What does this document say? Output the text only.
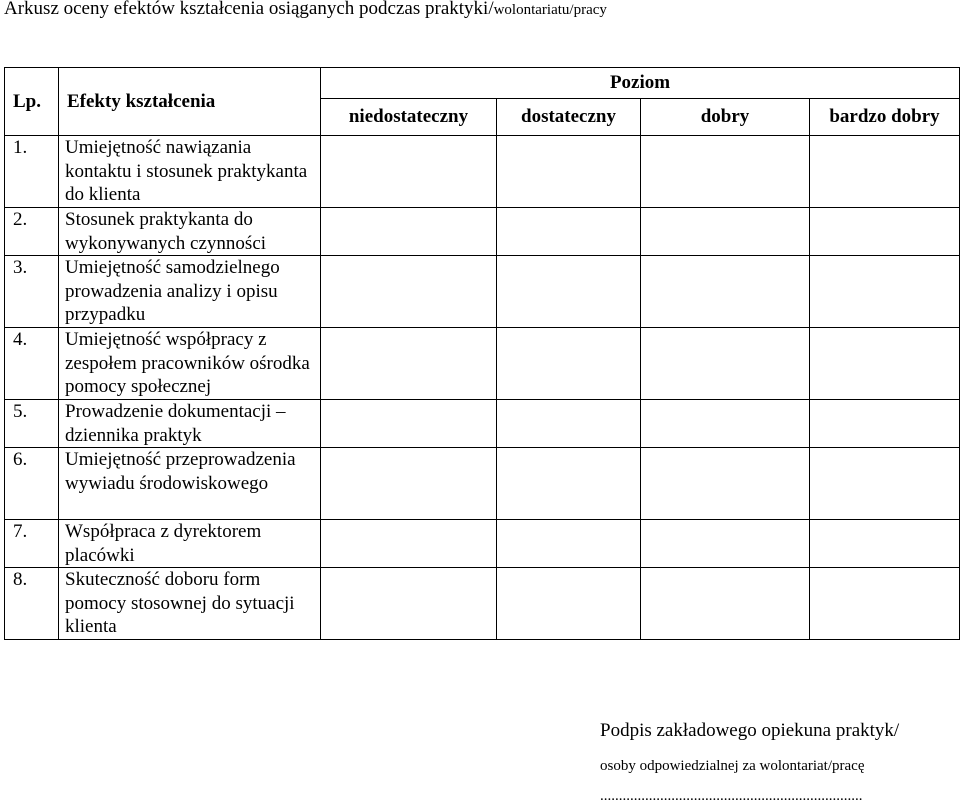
Arkusz oceny efektów kształcenia osiąganych podczas praktyki/wolontariatu/pracy
Lp.	Efekty kształcenia	Poziom			
		niedostateczny	dostateczny	dobry	bardzo dobry
1.	Umiejętność nawiązania kontaktu i stosunek praktykanta do klienta				
2.	Stosunek praktykanta do wykonywanych czynności				
3.	Umiejętność samodzielnego prowadzenia analizy i opisu przypadku				
4.	Umiejętność współpracy z zespołem pracowników ośrodka pomocy społecznej				
5.	Prowadzenie dokumentacji – dziennika praktyk				
6.	Umiejętność przeprowadzenia wywiadu środowiskowego				
7.	Współpraca z dyrektorem placówki				
8.	Skuteczność doboru form pomocy stosownej do sytuacji klienta				
Podpis zakładowego opiekuna praktyk/
osoby odpowiedzialnej za wolontariat/pracę
......................................................................
